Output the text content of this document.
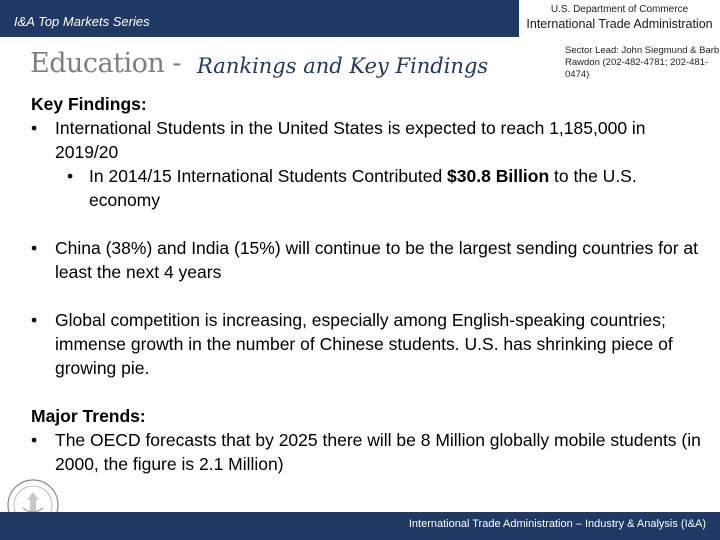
I&A Top Markets Series
U.S. Department of Commerce
International Trade Administration
Education - Rankings and Key Findings
Sector Lead: John Siegmund & Barb Rawdon (202-482-4781; 202-481-0474)
Key Findings:
• International Students in the United States is expected to reach 1,185,000 in 2019/20
• In 2014/15 International Students Contributed $30.8 Billion to the U.S. economy
• China (38%) and India (15%) will continue to be the largest sending countries for at least the next 4 years
• Global competition is increasing, especially among English-speaking countries; immense growth in the number of Chinese students. U.S. has shrinking piece of growing pie.
Major Trends:
• The OECD forecasts that by 2025 there will be 8 Million globally mobile students (in 2000, the figure is 2.1 Million)
International Trade Administration – Industry & Analysis (I&A)
